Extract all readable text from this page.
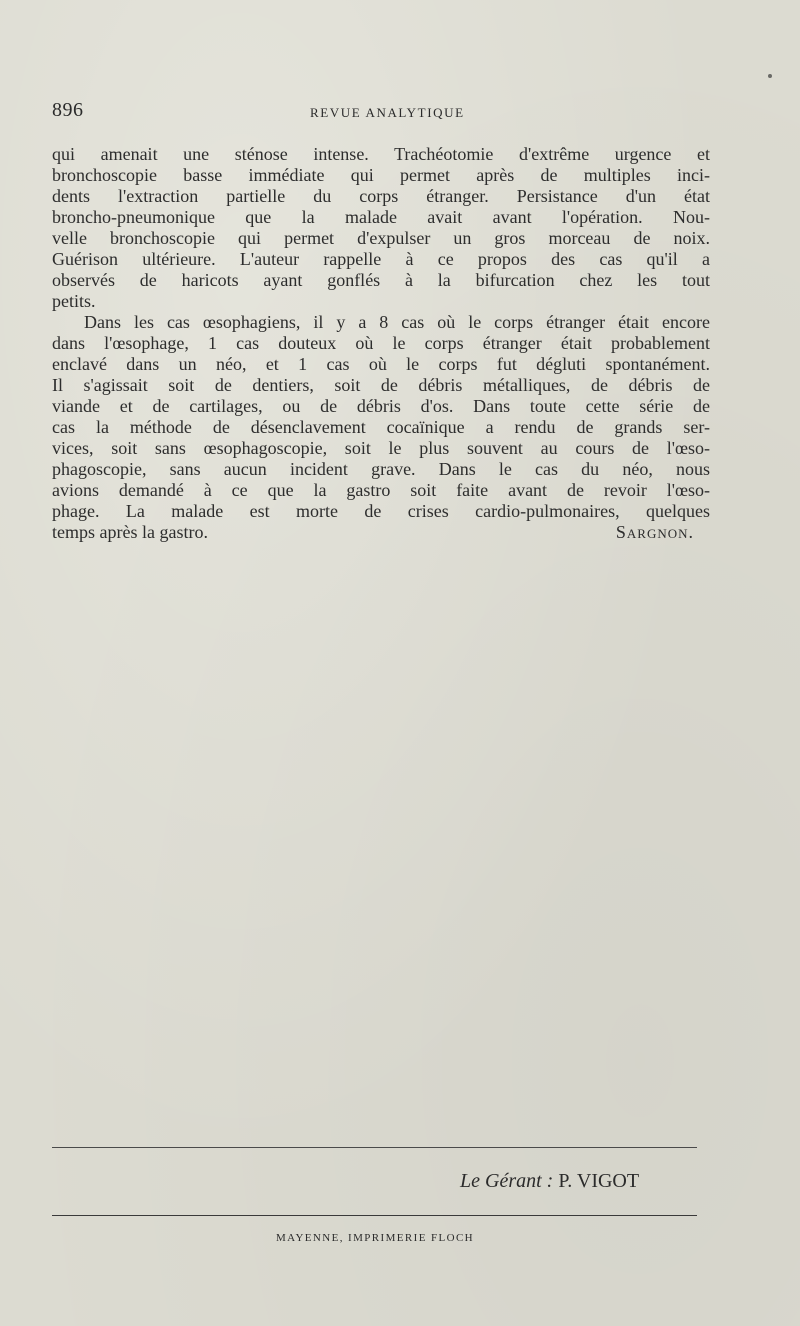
896	REVUE ANALYTIQUE
qui amenait une sténose intense. Trachéotomie d'extrême urgence et
bronchoscopie basse immédiate qui permet après de multiples inci-
dents l'extraction partielle du corps étranger. Persistance d'un état
broncho-pneumonique que la malade avait avant l'opération. Nou-
velle bronchoscopie qui permet d'expulser un gros morceau de noix.
Guérison ultérieure. L'auteur rappelle à ce propos des cas qu'il a
observés de haricots ayant gonflés à la bifurcation chez les tout
petits.
Dans les cas œsophagiens, il y a 8 cas où le corps étranger était encore
dans l'œsophage, 1 cas douteux où le corps étranger était probablement
enclavé dans un néo, et 1 cas où le corps fut dégluti spontanément.
Il s'agissait soit de dentiers, soit de débris métalliques, de débris de
viande et de cartilages, ou de débris d'os. Dans toute cette série de
cas la méthode de désenclavement cocaïnique a rendu de grands ser-
vices, soit sans œsophagoscopie, soit le plus souvent au cours de l'œso-
phagoscopie, sans aucun incident grave. Dans le cas du néo, nous
avions demandé à ce que la gastro soit faite avant de revoir l'œso-
phage. La malade est morte de crises cardio-pulmonaires, quelques
temps après la gastro.	Sargnon.
Le Gérant : P. VIGOT
MAYENNE, IMPRIMERIE FLOCH
